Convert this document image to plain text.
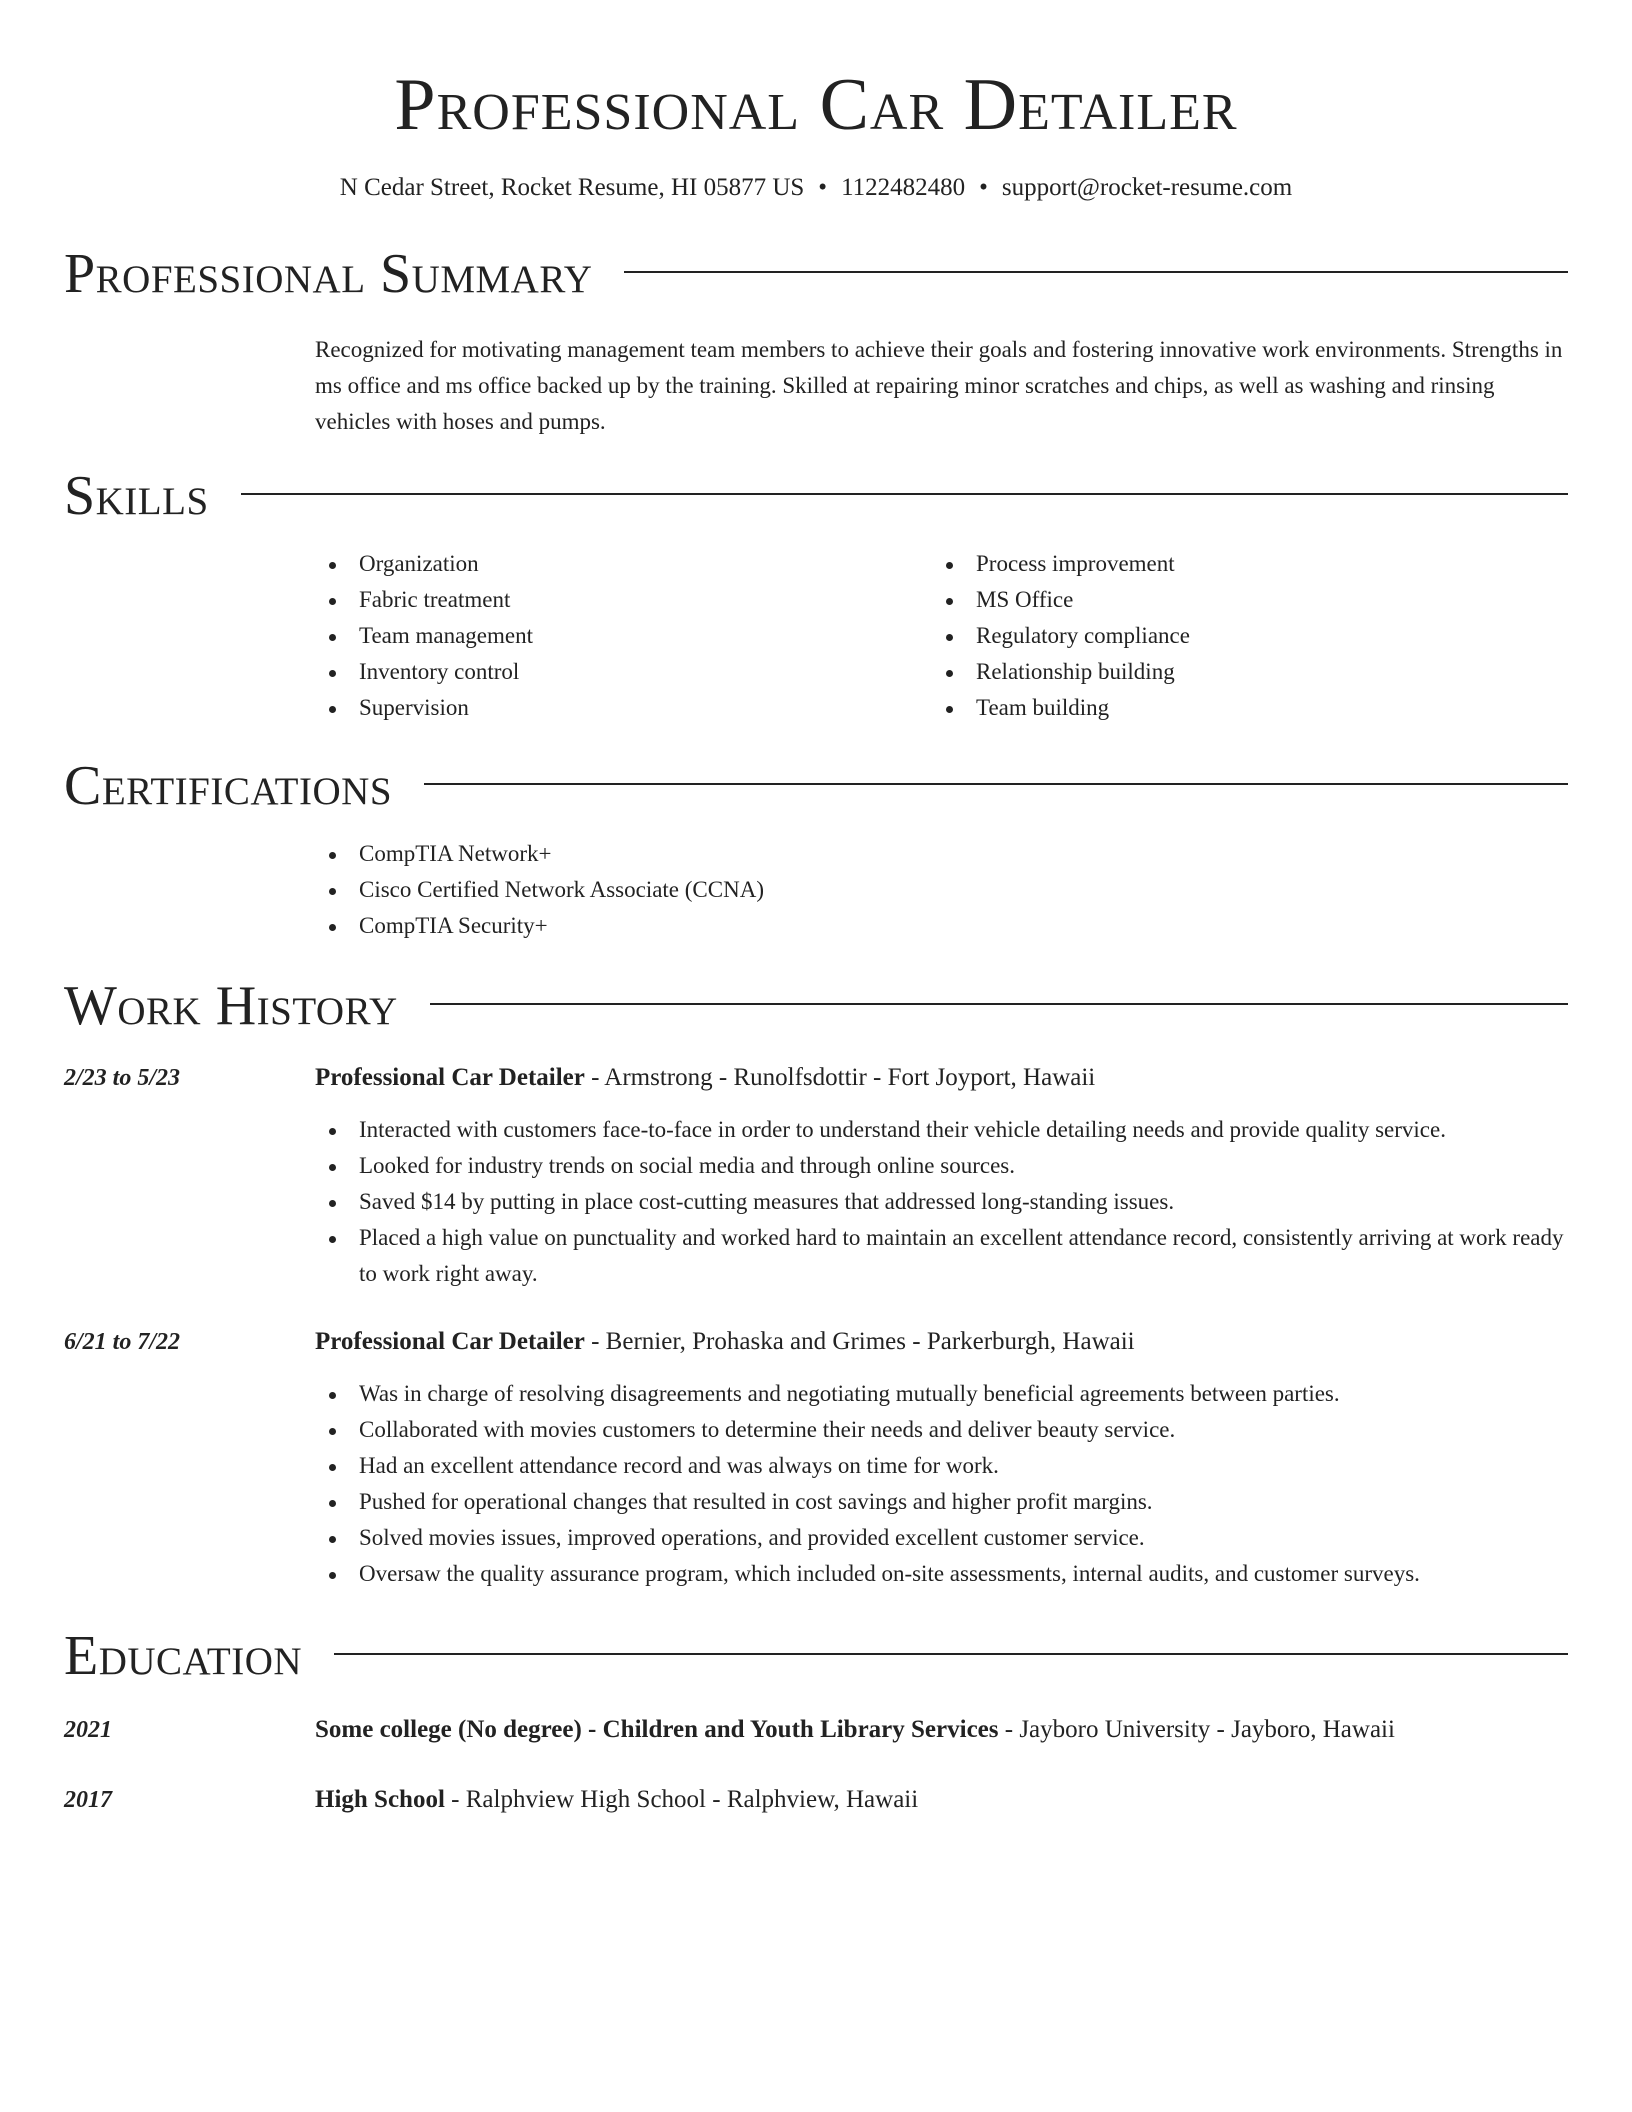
Professional Car Detailer
N Cedar Street, Rocket Resume, HI 05877 US • 1122482480 • support@rocket-resume.com
Professional Summary

Recognized for motivating management team members to achieve their goals and fostering innovative work environments. Strengths in ms office and ms office backed up by the training. Skilled at repairing minor scratches and chips, as well as washing and rinsing vehicles with hoses and pumps.

Skills
Organization
Fabric treatment
Team management
Inventory control
Supervision
Process improvement
MS Office
Regulatory compliance
Relationship building
Team building
Certifications
CompTIA Network+
Cisco Certified Network Associate (CCNA)
CompTIA Security+
Work History
2/23 to 5/23	Professional Car Detailer - Armstrong - Runolfsdottir - Fort Joyport, Hawaii
Interacted with customers face-to-face in order to understand their vehicle detailing needs and provide quality service.
Looked for industry trends on social media and through online sources.
Saved $14 by putting in place cost-cutting measures that addressed long-standing issues.
Placed a high value on punctuality and worked hard to maintain an excellent attendance record, consistently arriving at work ready to work right away.
6/21 to 7/22	Professional Car Detailer - Bernier, Prohaska and Grimes - Parkerburgh, Hawaii
Was in charge of resolving disagreements and negotiating mutually beneficial agreements between parties.
Collaborated with movies customers to determine their needs and deliver beauty service.
Had an excellent attendance record and was always on time for work.
Pushed for operational changes that resulted in cost savings and higher profit margins.
Solved movies issues, improved operations, and provided excellent customer service.
Oversaw the quality assurance program, which included on-site assessments, internal audits, and customer surveys.
Education
2021	Some college (No degree) - Children and Youth Library Services - Jayboro University - Jayboro, Hawaii
2017	High School - Ralphview High School - Ralphview, Hawaii
